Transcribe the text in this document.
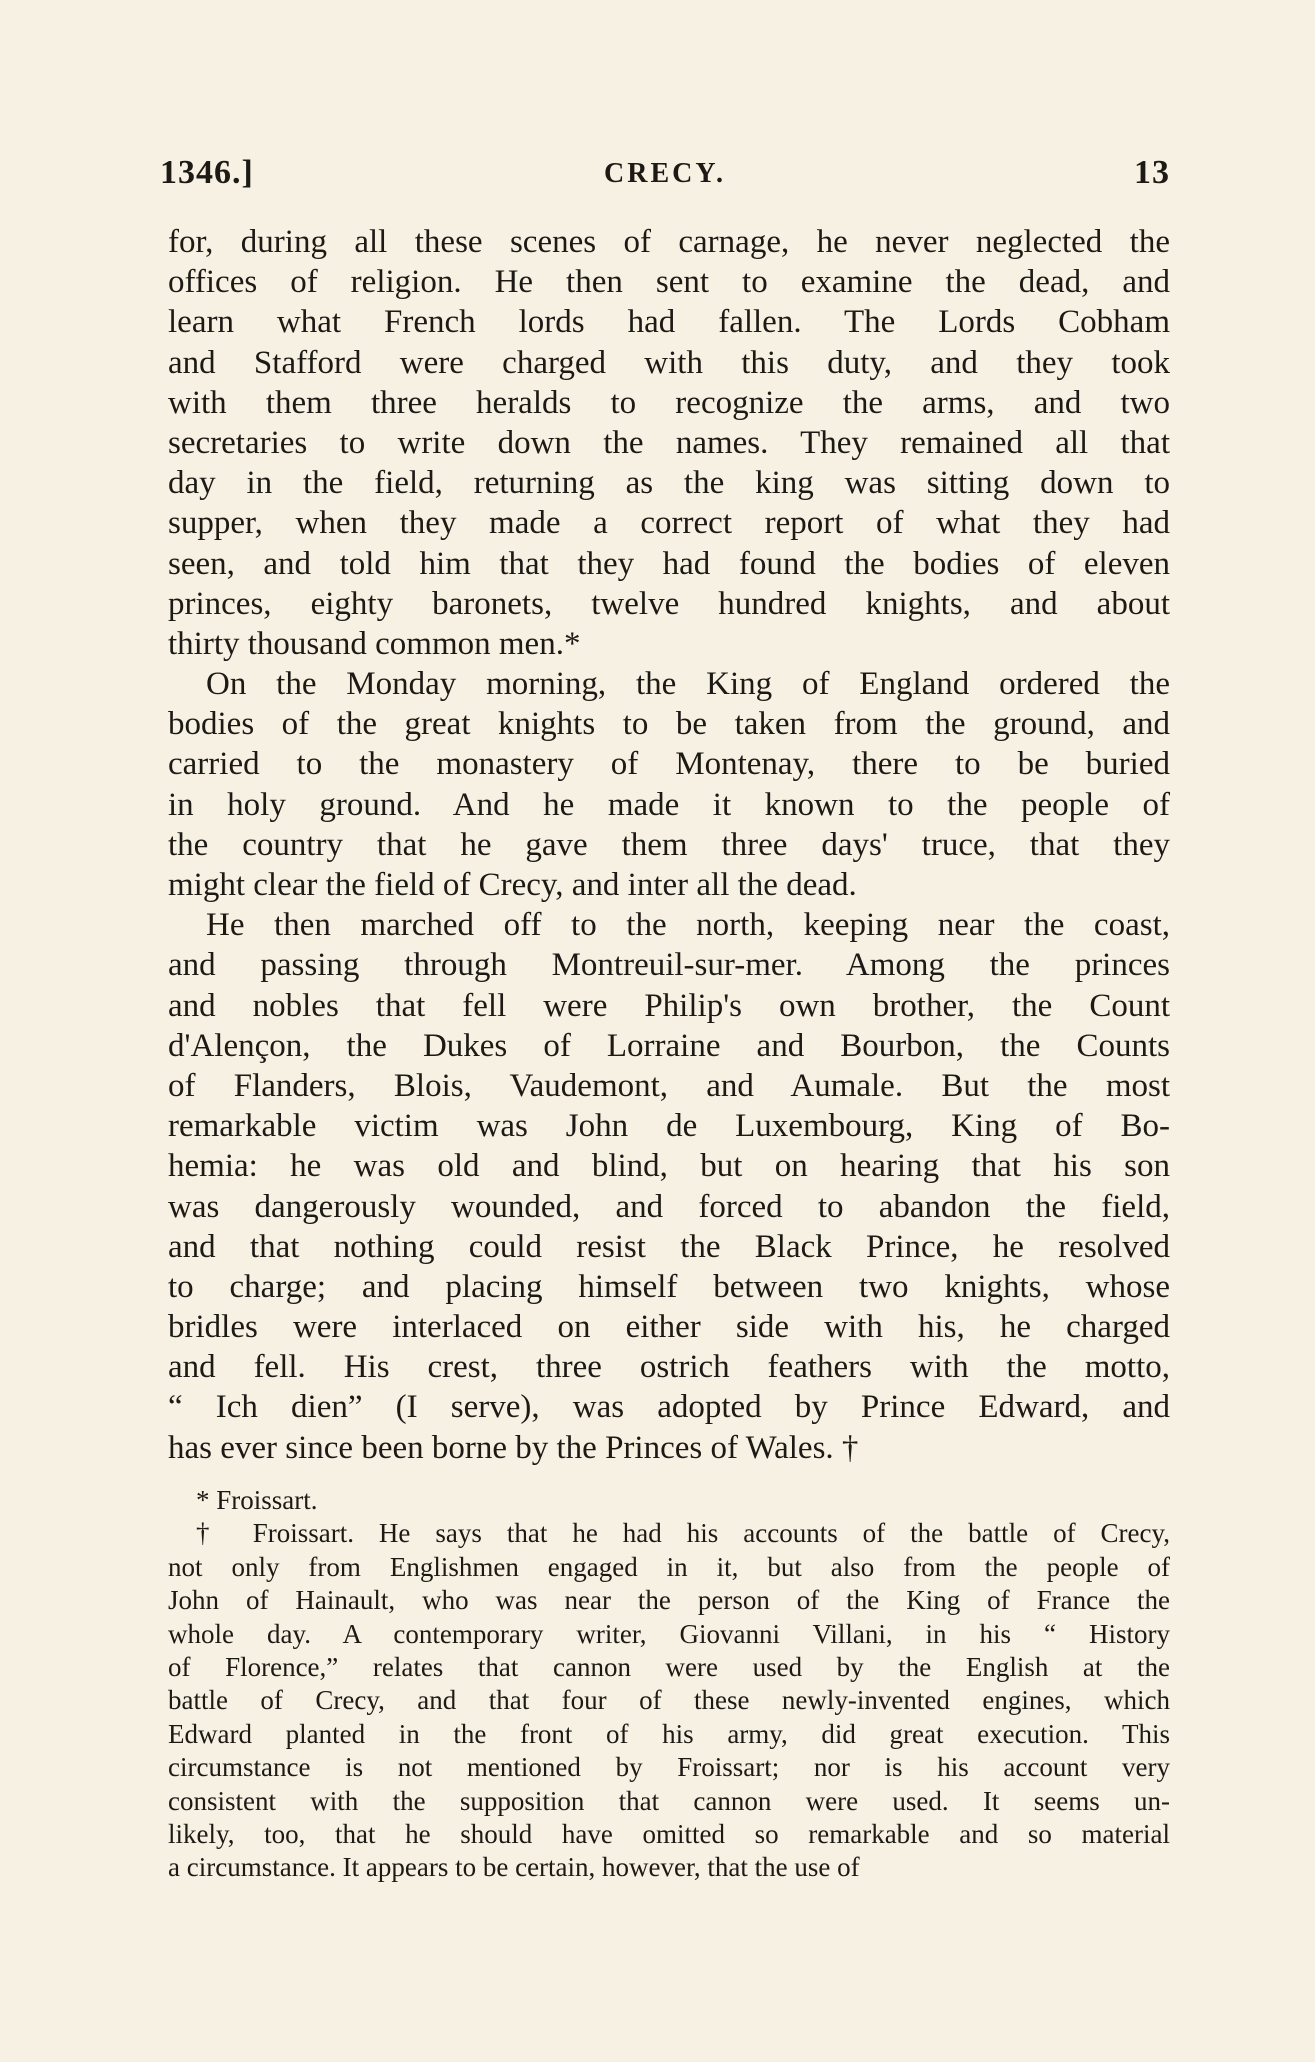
1346.]	CRECY.	13
for, during all these scenes of carnage, he never neglected the
offices of religion. He then sent to examine the dead, and
learn what French lords had fallen. The Lords Cobham
and Stafford were charged with this duty, and they took
with them three heralds to recognize the arms, and two
secretaries to write down the names. They remained all that
day in the field, returning as the king was sitting down to
supper, when they made a correct report of what they had
seen, and told him that they had found the bodies of eleven
princes, eighty baronets, twelve hundred knights, and about
thirty thousand common men.*
On the Monday morning, the King of England ordered the
bodies of the great knights to be taken from the ground, and
carried to the monastery of Montenay, there to be buried
in holy ground. And he made it known to the people of
the country that he gave them three days' truce, that they
might clear the field of Crecy, and inter all the dead.
He then marched off to the north, keeping near the coast,
and passing through Montreuil-sur-mer. Among the princes
and nobles that fell were Philip's own brother, the Count
d'Alençon, the Dukes of Lorraine and Bourbon, the Counts
of Flanders, Blois, Vaudemont, and Aumale. But the most
remarkable victim was John de Luxembourg, King of Bo-
hemia: he was old and blind, but on hearing that his son
was dangerously wounded, and forced to abandon the field,
and that nothing could resist the Black Prince, he resolved
to charge; and placing himself between two knights, whose
bridles were interlaced on either side with his, he charged
and fell. His crest, three ostrich feathers with the motto,
“ Ich dien” (I serve), was adopted by Prince Edward, and
has ever since been borne by the Princes of Wales. †
* Froissart.
† Froissart. He says that he had his accounts of the battle of Crecy,
not only from Englishmen engaged in it, but also from the people of
John of Hainault, who was near the person of the King of France the
whole day. A contemporary writer, Giovanni Villani, in his “ History
of Florence,” relates that cannon were used by the English at the
battle of Crecy, and that four of these newly-invented engines, which
Edward planted in the front of his army, did great execution. This
circumstance is not mentioned by Froissart; nor is his account very
consistent with the supposition that cannon were used. It seems un-
likely, too, that he should have omitted so remarkable and so material
a circumstance. It appears to be certain, however, that the use of
